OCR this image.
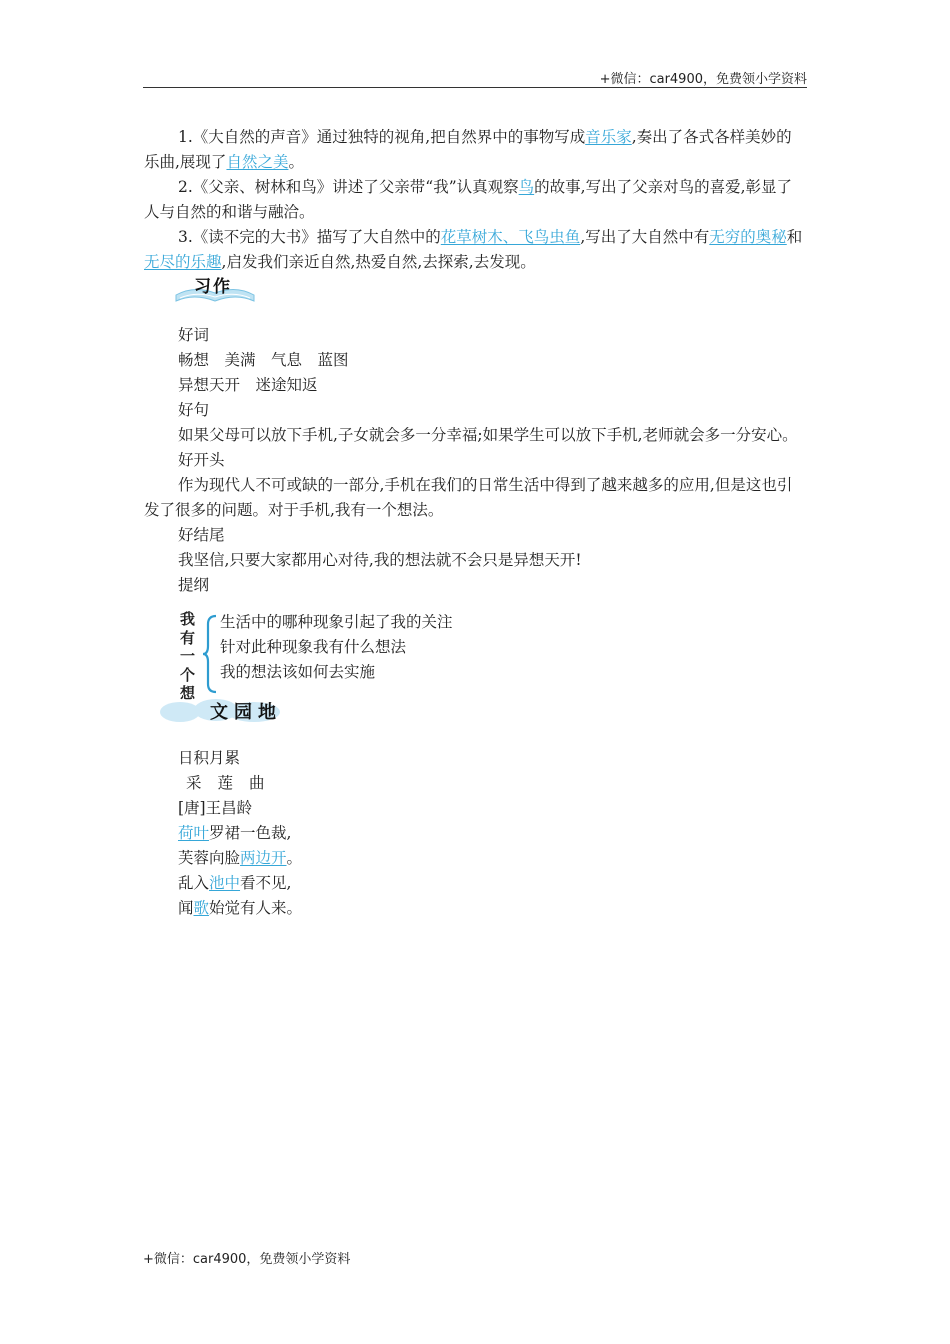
+微信：car4900，免费领小学资料

1.《大自然的声音》通过独特的视角,把自然界中的事物写成音乐家,奏出了各式各样美妙的乐曲,展现了自然之美。

2.《父亲、树林和鸟》讲述了父亲带“我”认真观察鸟的故事,写出了父亲对鸟的喜爱,彰显了人与自然的和谐与融洽。

3.《读不完的大书》描写了大自然中的花草树木、飞鸟虫鱼,写出了大自然中有无穷的奥秘和无尽的乐趣,启发我们亲近自然,热爱自然,去探索,去发现。

习作

好词

畅想　美满　气息　蓝图

异想天开　迷途知返

好句

如果父母可以放下手机,子女就会多一分幸福;如果学生可以放下手机,老师就会多一分安心。

好开头

作为现代人不可或缺的一部分,手机在我们的日常生活中得到了越来越多的应用,但是这也引发了很多的问题。对于手机,我有一个想法。

好结尾

我坚信,只要大家都用心对待,我的想法就不会只是异想天开!

提纲

我
有
一
个
想
生活中的哪种现象引起了我的关注
针对此种现象我有什么想法
我的想法该如何去实施
文园地

日积月累

采莲曲

[唐]王昌龄

荷叶罗裙一色裁,

芙蓉向脸两边开。

乱入池中看不见,

闻歌始觉有人来。

+微信：car4900，免费领小学资料
